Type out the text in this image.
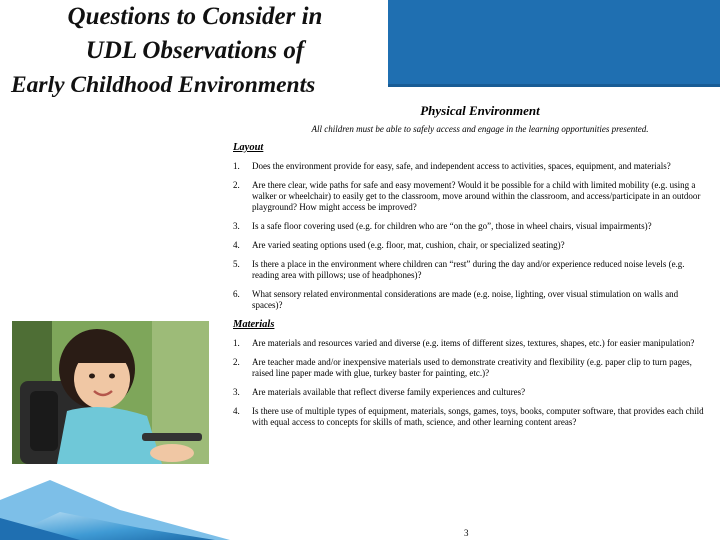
Questions to Consider in
UDL Observations of

Early Childhood Environments
Physical Environment
All children must be able to safely access and engage in the learning opportunities presented.
Layout
1. Does the environment provide for easy, safe, and independent access to activities, spaces, equipment, and materials?
2. Are there clear, wide paths for safe and easy movement? Would it be possible for a child with limited mobility (e.g. using a walker or wheelchair) to easily get to the classroom, move around within the classroom, and access/participate in an outdoor playground? How might access be improved?
3. Is a safe floor covering used (e.g. for children who are “on the go”, those in wheel chairs, visual impairments)?
4. Are varied seating options used (e.g. floor, mat, cushion, chair, or specialized seating)?
5. Is there a place in the environment where children can “rest” during the day and/or experience reduced noise levels (e.g. reading area with pillows; use of headphones)?
6. What sensory related environmental considerations are made (e.g. noise, lighting, over visual stimulation on walls and spaces)?
Materials
1. Are materials and resources varied and diverse (e.g. items of different sizes, textures, shapes, etc.) for easier manipulation?
2. Are teacher made and/or inexpensive materials used to demonstrate creativity and flexibility (e.g. paper clip to turn pages, raised line paper made with glue, turkey baster for painting, etc.)?
3. Are materials available that reflect diverse family experiences and cultures?
4. Is there use of multiple types of equipment, materials, songs, games, toys, books, computer software, that provides each child with equal access to concepts for skills of math, science, and other learning content areas?
3
